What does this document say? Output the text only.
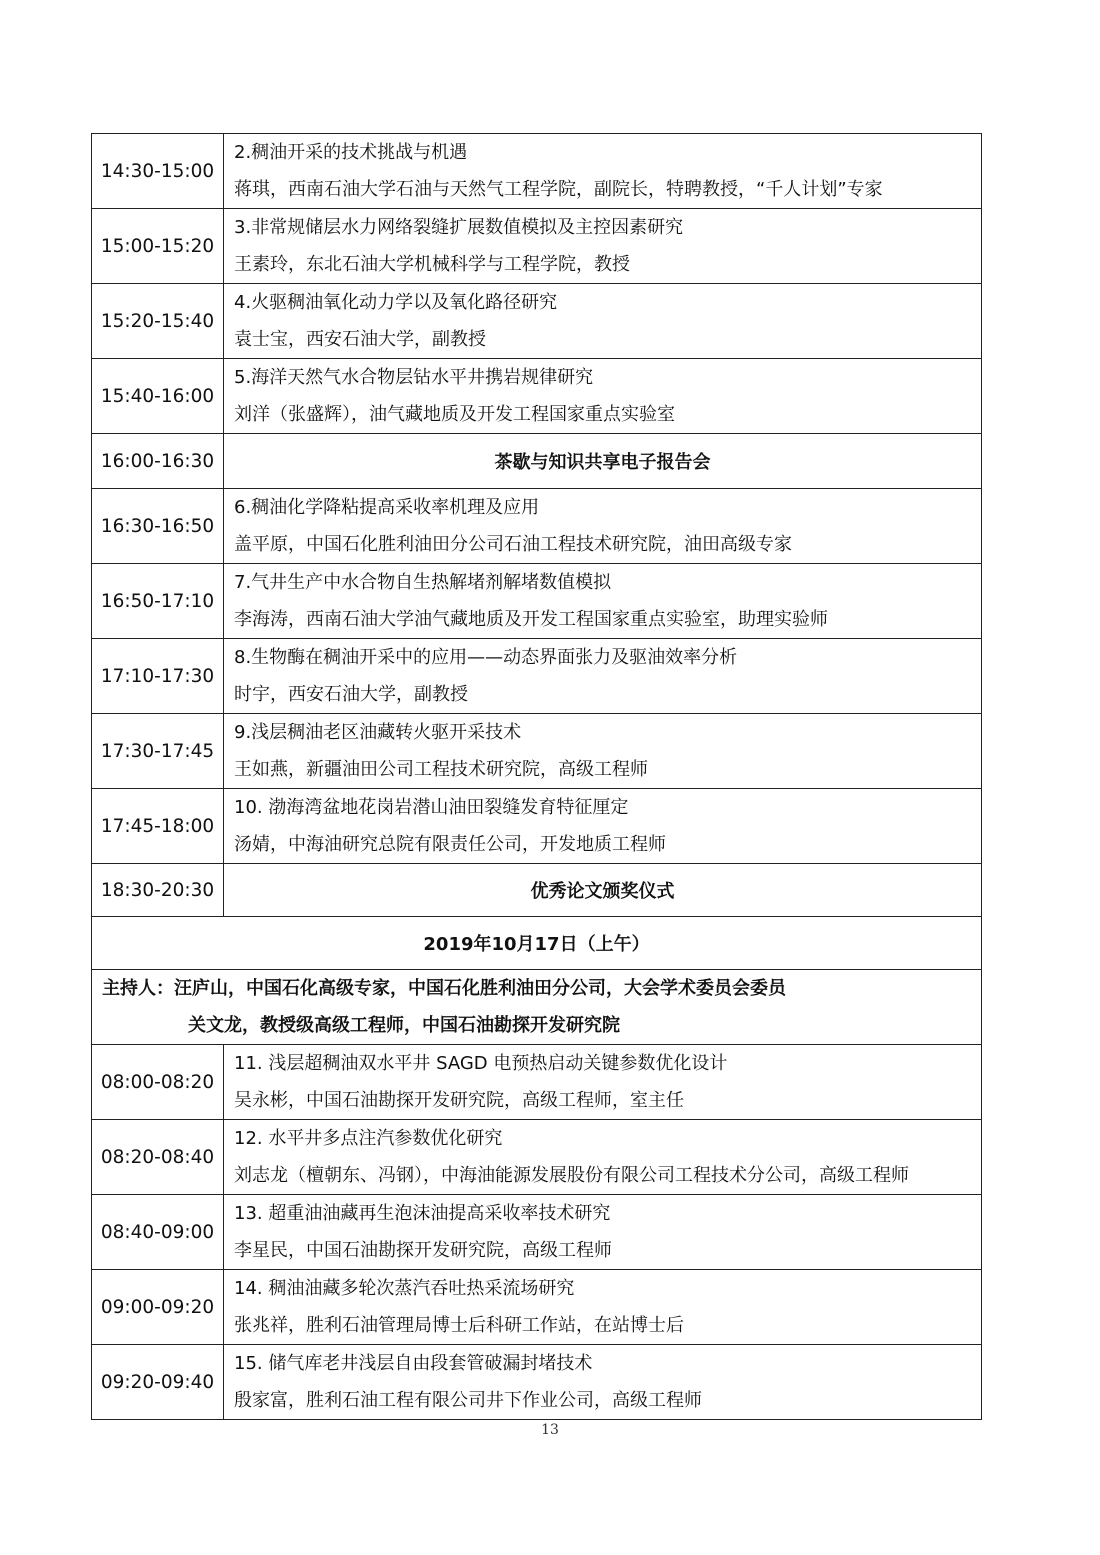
14:30-15:00	2.稠油开采的技术挑战与机遇
蒋琪，西南石油大学石油与天然气工程学院，副院长，特聘教授，“千人计划”专家

15:00-15:20	3.非常规储层水力网络裂缝扩展数值模拟及主控因素研究
王素玲，东北石油大学机械科学与工程学院，教授

15:20-15:40	4.火驱稠油氧化动力学以及氧化路径研究
袁士宝，西安石油大学，副教授

15:40-16:00	5.海洋天然气水合物层钻水平井携岩规律研究
刘洋（张盛辉），油气藏地质及开发工程国家重点实验室

16:00-16:30	茶歇与知识共享电子报告会
16:30-16:50	6.稠油化学降粘提高采收率机理及应用
盖平原，中国石化胜利油田分公司石油工程技术研究院，油田高级专家

16:50-17:10	7.气井生产中水合物自生热解堵剂解堵数值模拟
李海涛，西南石油大学油气藏地质及开发工程国家重点实验室，助理实验师

17:10-17:30	8.生物酶在稠油开采中的应用——动态界面张力及驱油效率分析
时宇，西安石油大学，副教授

17:30-17:45	9.浅层稠油老区油藏转火驱开采技术
王如燕，新疆油田公司工程技术研究院，高级工程师

17:45-18:00	10. 渤海湾盆地花岗岩潜山油田裂缝发育特征厘定
汤婧，中海油研究总院有限责任公司，开发地质工程师

18:30-20:30	优秀论文颁奖仪式
2019年10月17日（上午）	

主持人：汪庐山，中国石化高级专家，中国石化胜利油田分公司，大会学术委员会委员
关文龙，教授级高级工程师，中国石油勘探开发研究院	

08:00-08:20	11. 浅层超稠油双水平井 SAGD 电预热启动关键参数优化设计
吴永彬，中国石油勘探开发研究院，高级工程师，室主任

08:20-08:40	12. 水平井多点注汽参数优化研究
刘志龙（檀朝东、冯钢），中海油能源发展股份有限公司工程技术分公司，高级工程师

08:40-09:00	13. 超重油油藏再生泡沫油提高采收率技术研究
李星民，中国石油勘探开发研究院，高级工程师

09:00-09:20	14. 稠油油藏多轮次蒸汽吞吐热采流场研究
张兆祥，胜利石油管理局博士后科研工作站，在站博士后

09:20-09:40	15. 储气库老井浅层自由段套管破漏封堵技术
殷家富，胜利石油工程有限公司井下作业公司，高级工程师
13
